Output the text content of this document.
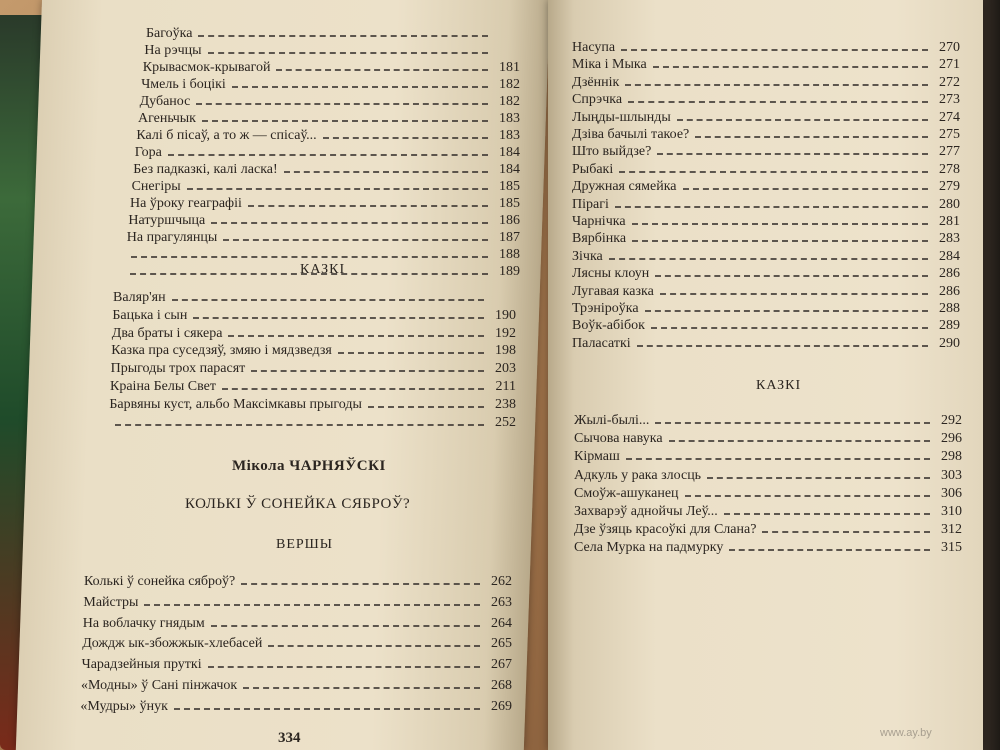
Багоўка
На рэчцы
Крывасмок-крывагой	181
Чмель і боцікі	182
Дубанос	182
Агеньчык	183
Калі б пісаў, а то ж — спісаў...	183
Гора	184
Без падказкі, калі ласка!	184
Снегіры	185
На ўроку геаграфіі	185
Натуршчыца	186
На прагулянцы	187
188
189
КАЗКІ
Валяр'ян
Бацька і сын	190
Два браты і сякера	192
Казка пра суседзяў, змяю і мядзведзя	198
Прыгоды трох парасят	203
Краіна Белы Свет	211
Барвяны куст, альбо Максімкавы прыгоды	238
252
Мікола ЧАРНЯЎСКІ
КОЛЬКІ Ў СОНЕЙКА СЯБРОЎ?
ВЕРШЫ
Колькі ў сонейка сяброў?	262
Майстры	263
На воблачку гнядым	264
Дождж ык-збожжык-хлебасей	265
Чарадзейныя пруткі	267
«Модны» ў Сані пінжачок	268
«Мудры» ўнук	269
334
Насупа	270
Міка і Мыка	271
Дзённік	272
Спрэчка	273
Лыңды-шлынды	274
Дзіва бачылі такое?	275
Што выйдзе?	277
Рыбакі	278
Дружная сямейка	279
Пірагі	280
Чарнічка	281
Вярбінка	283
Зічка	284
Лясны клоун	286
Лугавая казка	286
Трэніроўка	288
Воўк-абібок	289
Паласаткі	290
КАЗКІ
Жылі-былі...	292
Сычова навука	296
Кірмаш	298
Адкуль у рака злосць	303
Смоўж-ашуканец	306
Захварэў аднойчы Леў...	310
Дзе ўзяць красоўкі для Слана?	312
Села Мурка на падмурку	315
www.ay.by
